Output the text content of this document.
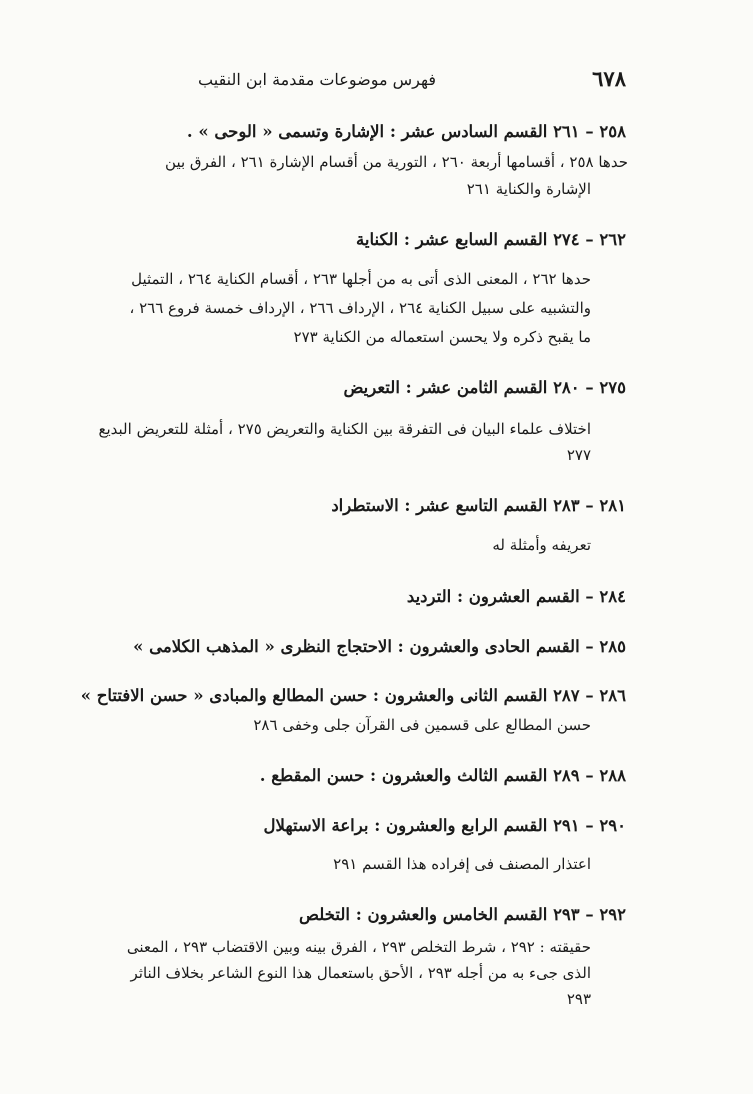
٦٧٨
فهرس موضوعات مقدمة ابن النقيب
٢٥٨ – ٢٦١ القسم السادس عشر : الإشارة وتسمى « الوحى » .
حدها ٢٥٨ ، أقسامها أربعة ٢٦٠ ، التورية من أقسام الإشارة ٢٦١ ، الفرق بين
الإشارة والكناية ٢٦١
٢٦٢ – ٢٧٤ القسم السابع عشر : الكناية
حدها ٢٦٢ ، المعنى الذى أتى به من أجلها ٢٦٣ ، أقسام الكناية ٢٦٤ ، التمثيل
والتشبيه على سبيل الكناية ٢٦٤ ، الإرداف ٢٦٦ ، الإرداف خمسة فروع ٢٦٦ ،
ما يقبح ذكره ولا يحسن استعماله من الكناية ٢٧٣
٢٧٥ – ٢٨٠ القسم الثامن عشر : التعريض
اختلاف علماء البيان فى التفرقة بين الكناية والتعريض ٢٧٥ ، أمثلة للتعريض البديع
٢٧٧
٢٨١ – ٢٨٣ القسم التاسع عشر : الاستطراد
تعريفه وأمثلة له
٢٨٤ – القسم العشرون : الترديد
٢٨٥ – القسم الحادى والعشرون : الاحتجاج النظرى « المذهب الكلامى »
٢٨٦ – ٢٨٧ القسم الثانى والعشرون : حسن المطالع والمبادى « حسن الافتتاح »
حسن المطالع على قسمين فى القرآن جلى وخفى ٢٨٦
٢٨٨ – ٢٨٩ القسم الثالث والعشرون : حسن المقطع .
٢٩٠ – ٢٩١ القسم الرابع والعشرون : براعة الاستهلال
اعتذار المصنف فى إفراده هذا القسم ٢٩١
٢٩٢ – ٢٩٣ القسم الخامس والعشرون : التخلص
حقيقته : ٢٩٢ ، شرط التخلص ٢٩٣ ، الفرق بينه وبين الاقتضاب ٢٩٣ ، المعنى
الذى جىء به من أجله ٢٩٣ ، الأحق باستعمال هذا النوع الشاعر بخلاف الناثر
٢٩٣
